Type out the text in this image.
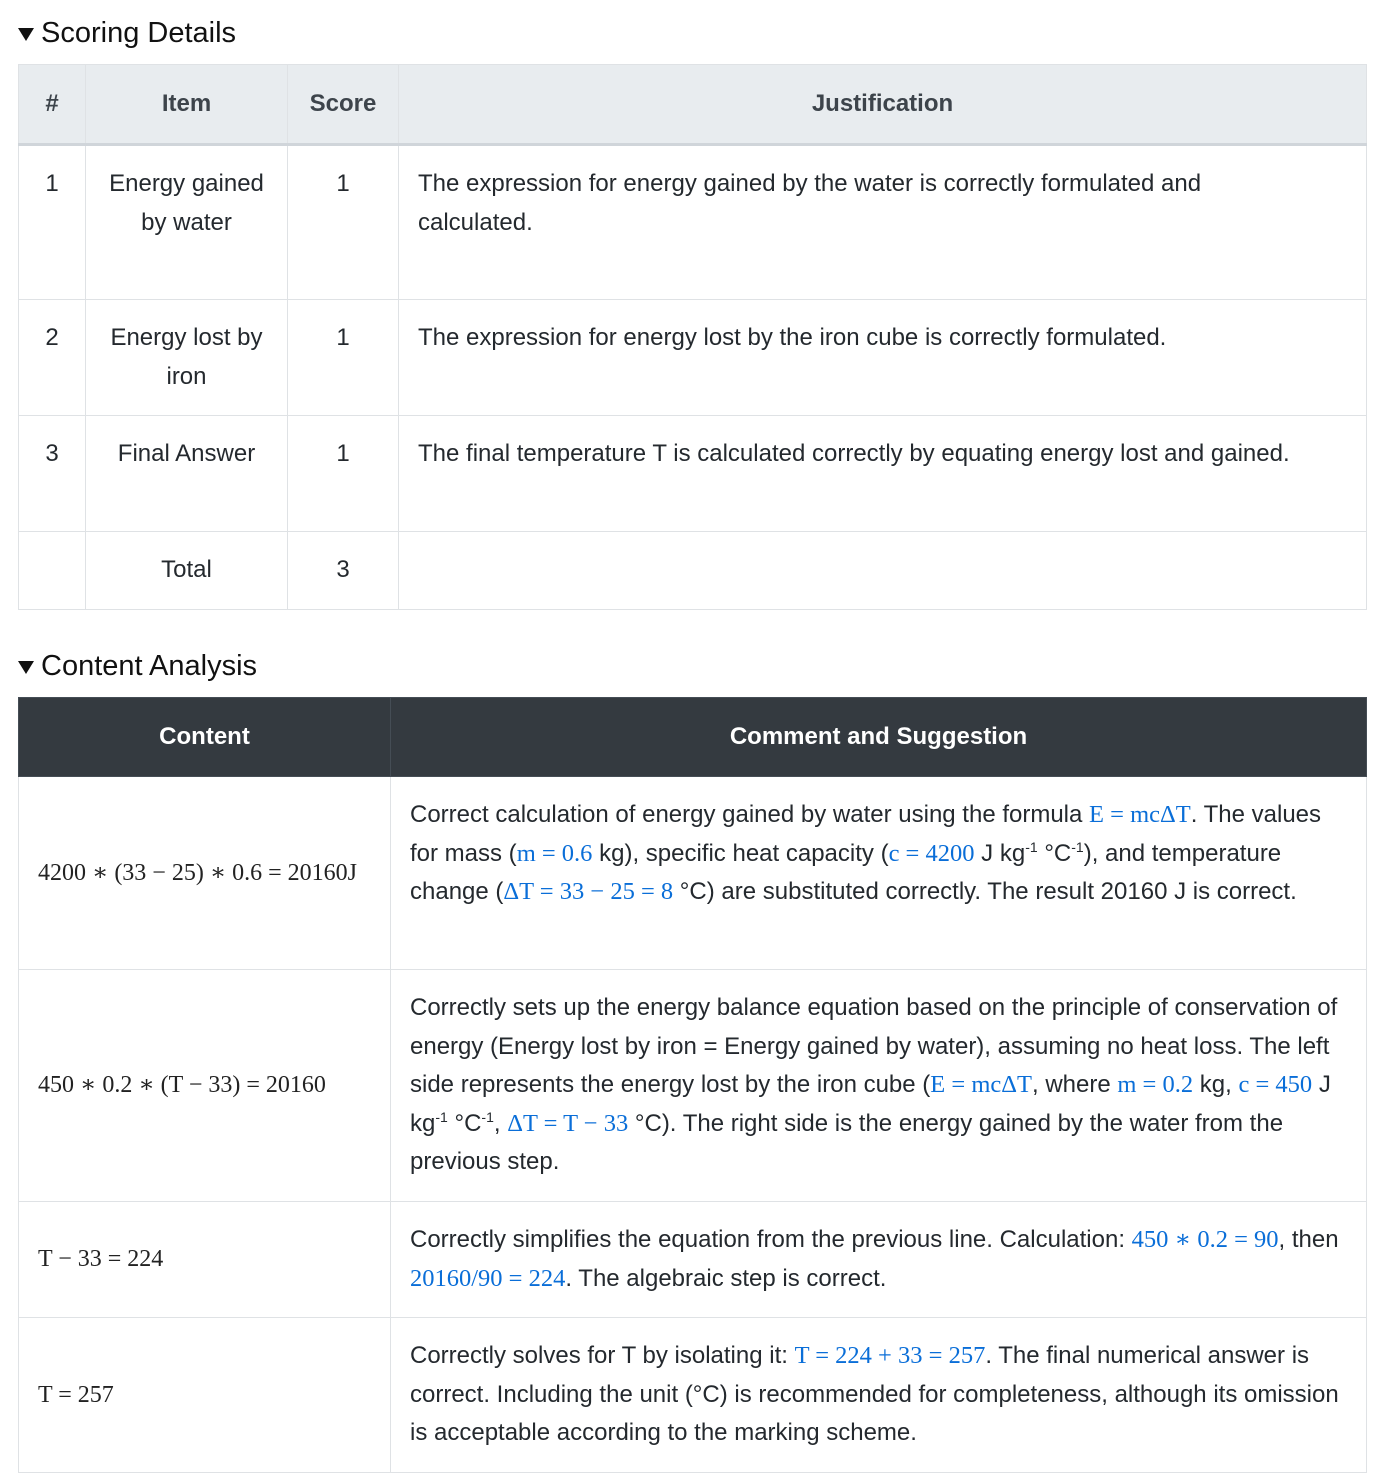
Scoring Details
#	Item	Score	Justification
1	Energy gained by water	1	The expression for energy gained by the water is correctly formulated and calculated.
2	Energy lost by iron	1	The expression for energy lost by the iron cube is correctly formulated.
3	Final Answer	1	The final temperature T is calculated correctly by equating energy lost and gained.
	Total	3	
Content Analysis
Content	Comment and Suggestion
4200 ∗ (33 − 25) ∗ 0.6 = 20160J	Correct calculation of energy gained by water using the formula E = mcΔT. The values for mass (m = 0.6 kg), specific heat capacity (c = 4200 J $kg^{-1}$ $^\circ C^{-1}$), and temperature change (ΔT = 33 − 25 = 8 °C) are substituted correctly. The result 20160 J is correct.
450 ∗ 0.2 ∗ (T − 33) = 20160	Correctly sets up the energy balance equation based on the principle of conservation of energy (Energy lost by iron = Energy gained by water), assuming no heat loss. The left side represents the energy lost by the iron cube (E = mcΔT, where m = 0.2 kg, c = 450 J $kg^{-1}$ $^\circ C^{-1}$, ΔT = T − 33 °C). The right side is the energy gained by the water from the previous step.
T − 33 = 224	Correctly simplifies the equation from the previous line. Calculation: 450 ∗ 0.2 = 90, then 20160/90 = 224. The algebraic step is correct.
T = 257	Correctly solves for T by isolating it: T = 224 + 33 = 257. The final numerical answer is correct. Including the unit (°C) is recommended for completeness, although its omission is acceptable according to the marking scheme.
